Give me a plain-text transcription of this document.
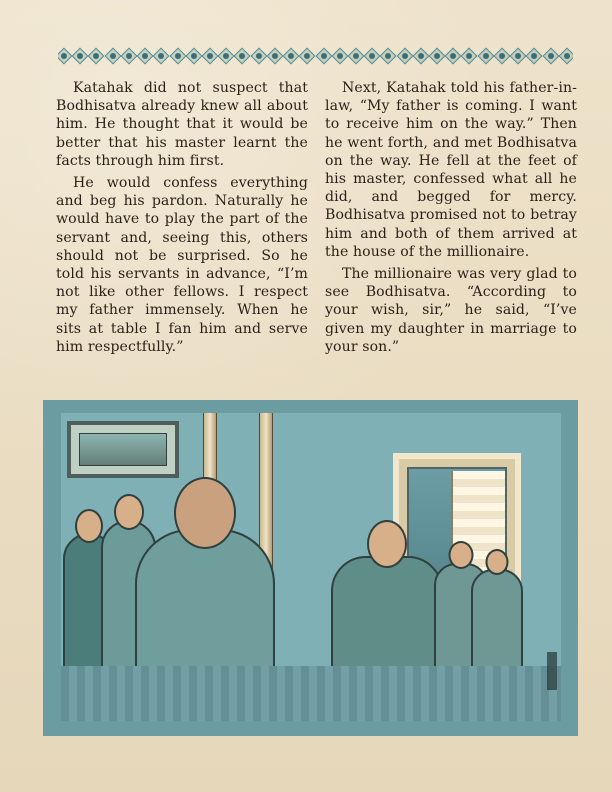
Katahak did not suspect that Bodhisatva already knew all about him. He thought that it would be better that his master learnt the facts through him first.

He would confess everything and beg his pardon. Naturally he would have to play the part of the servant and, seeing this, others should not be surprised. So he told his servants in advance, “I’m not like other fellows. I respect my father immensely. When he sits at table I fan him and serve him respectfully.”

Next, Katahak told his father-in-law, “My father is coming. I want to receive him on the way.” Then he went forth, and met Bodhisatva on the way. He fell at the feet of his master, confessed what all he did, and begged for mercy. Bodhisatva promised not to betray him and both of them arrived at the house of the millionaire.

The millionaire was very glad to see Bodhisatva. “According to your wish, sir,” he said, “I’ve given my daughter in marriage to your son.”
